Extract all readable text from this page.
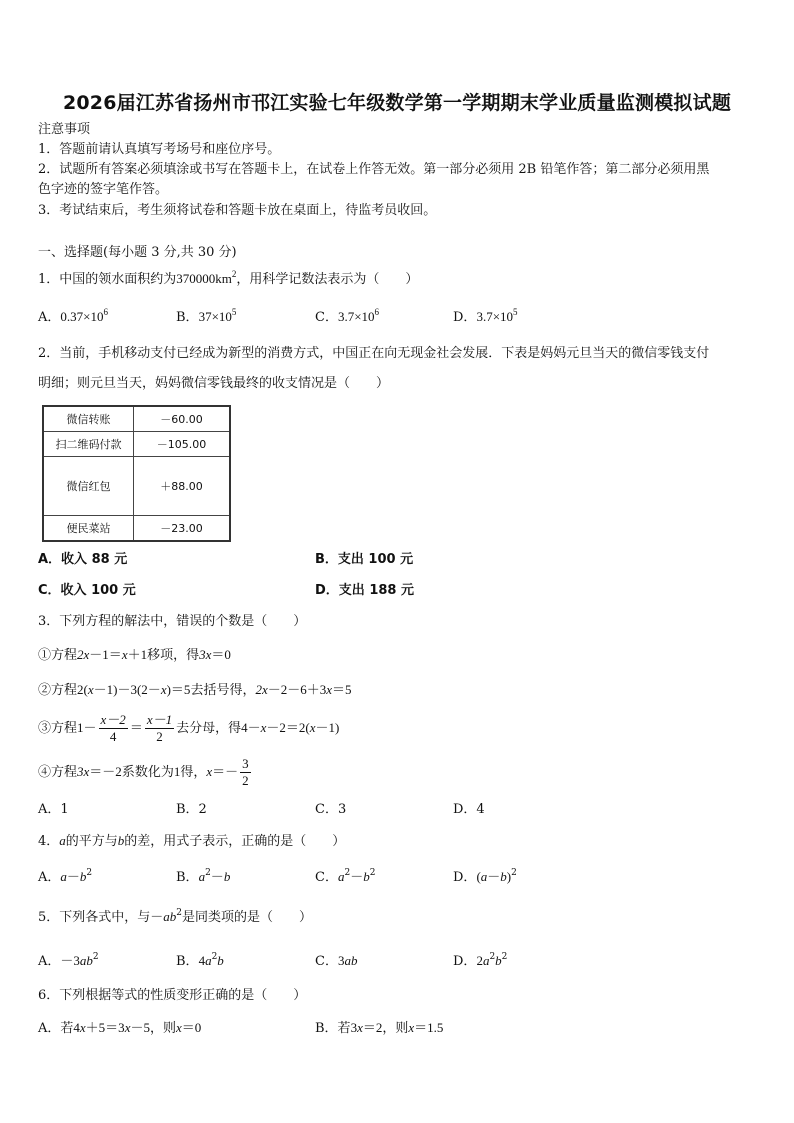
2026届江苏省扬州市邗江实验七年级数学第一学期期末学业质量监测模拟试题
注意事项
1．答题前请认真填写考场号和座位序号。
2．试题所有答案必须填涂或书写在答题卡上，在试卷上作答无效。第一部分必须用 2B 铅笔作答；第二部分必须用黑
色字迹的签字笔作答。
3．考试结束后，考生须将试卷和答题卡放在桌面上，待监考员收回。
一、选择题(每小题 3 分,共 30 分)
1．中国的领水面积约为$370000km^2$，用科学记数法表示为（　　）
A．$0.37\times 10^6$	B．$37\times 10^5$	C．$3.7\times 10^6$	D．$3.7\times 10^5$
2．当前，手机移动支付已经成为新型的消费方式，中国正在向无现金社会发展．下表是妈妈元旦当天的微信零钱支付
明细；则元旦当天，妈妈微信零钱最终的收支情况是（　　）
微信转账	－60.00
扫二维码付款	－105.00
微信红包	＋88.00
便民菜站	－23.00
A．收入 88 元	B．支出 100 元
C．收入 100 元	D．支出 188 元
3．下列方程的解法中，错误的个数是（　　）
①方程2x－1＝x＋1移项，得3x＝0
②方程2(x－1)－3(2－x)＝5去括号得，2x－2－6＋3x＝5
③方程$1- \frac{x-2}{4} = \frac{x-1}{2}$ 去分母，得4－x－2＝2(x－1)
④方程3x＝－2系数化为1得，$x=- \frac{3}{2}$
A．1	B．2	C．3	D．4
4．a的平方与b的差，用式子表示，正确的是（　　）
A．$a-b^2$	B．$a^2-b$	C．$a^2-b^2$	D．$(a-b)^2$
5．下列各式中，与$-ab^2$是同类项的是（　　）
A．$-3ab^2$	B．$4a^2b$	C．3ab	D．$2a^2b^2$
6．下列根据等式的性质变形正确的是（　　）
A．若4x＋5＝3x－5，则x＝0	B．若3x＝2，则x＝1.5
